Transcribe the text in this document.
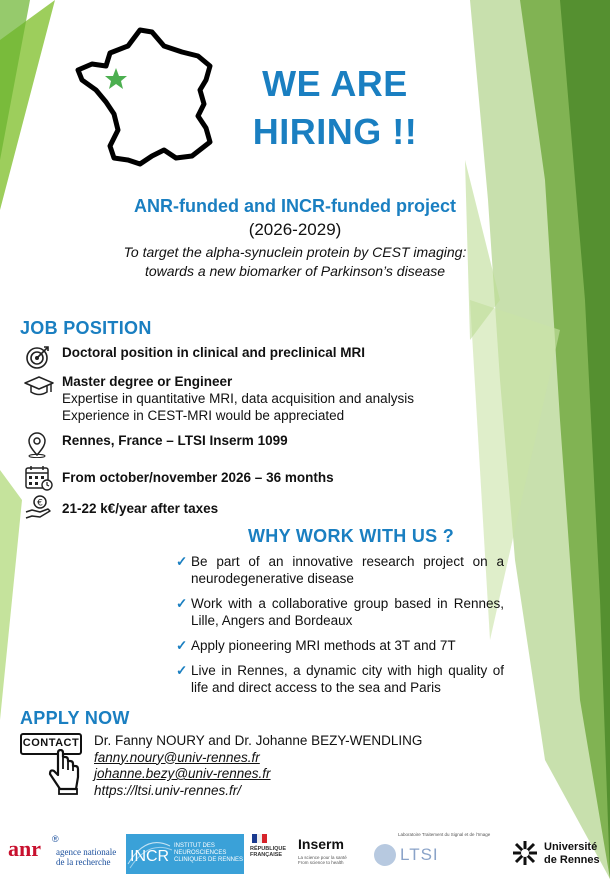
WE ARE
HIRING !!
ANR-funded and INCR-funded project
(2026-2029)
To target the alpha-synuclein protein by CEST imaging:
towards a new biomarker of Parkinson’s disease
JOB POSITION
Doctoral position in clinical and preclinical MRI
Master degree or Engineer
Expertise in quantitative MRI, data acquisition and analysis
Experience in CEST-MRI would be appreciated
Rennes, France – LTSI Inserm 1099
From october/november 2026 – 36 months
€ 21-22 k€/year after taxes
WHY WORK WITH US ?
✓ Be part of an innovative research project on a neurodegenerative disease
✓ Work with a collaborative group based in Rennes, Lille, Angers and Bordeaux
✓ Apply pioneering MRI methods at 3T and 7T
✓ Live in Rennes, a dynamic city with high quality of life and direct access to the sea and Paris
APPLY NOW
CONTACT Dr. Fanny NOURY and Dr. Johanne BEZY-WENDLING
fanny.noury@univ-rennes.fr
johanne.bezy@univ-rennes.fr
https://ltsi.univ-rennes.fr/
anr ®
agence nationale
de la recherche INCR
INSTITUT DES
NEUROSCIENCES
CLINIQUES DE RENNES
RÉPUBLIQUE
FRANÇAISE
Inserm
La science pour la santé
From science to health
Laboratoire Traitement du Signal et de l’Image
LTSI	Université
de Rennes
